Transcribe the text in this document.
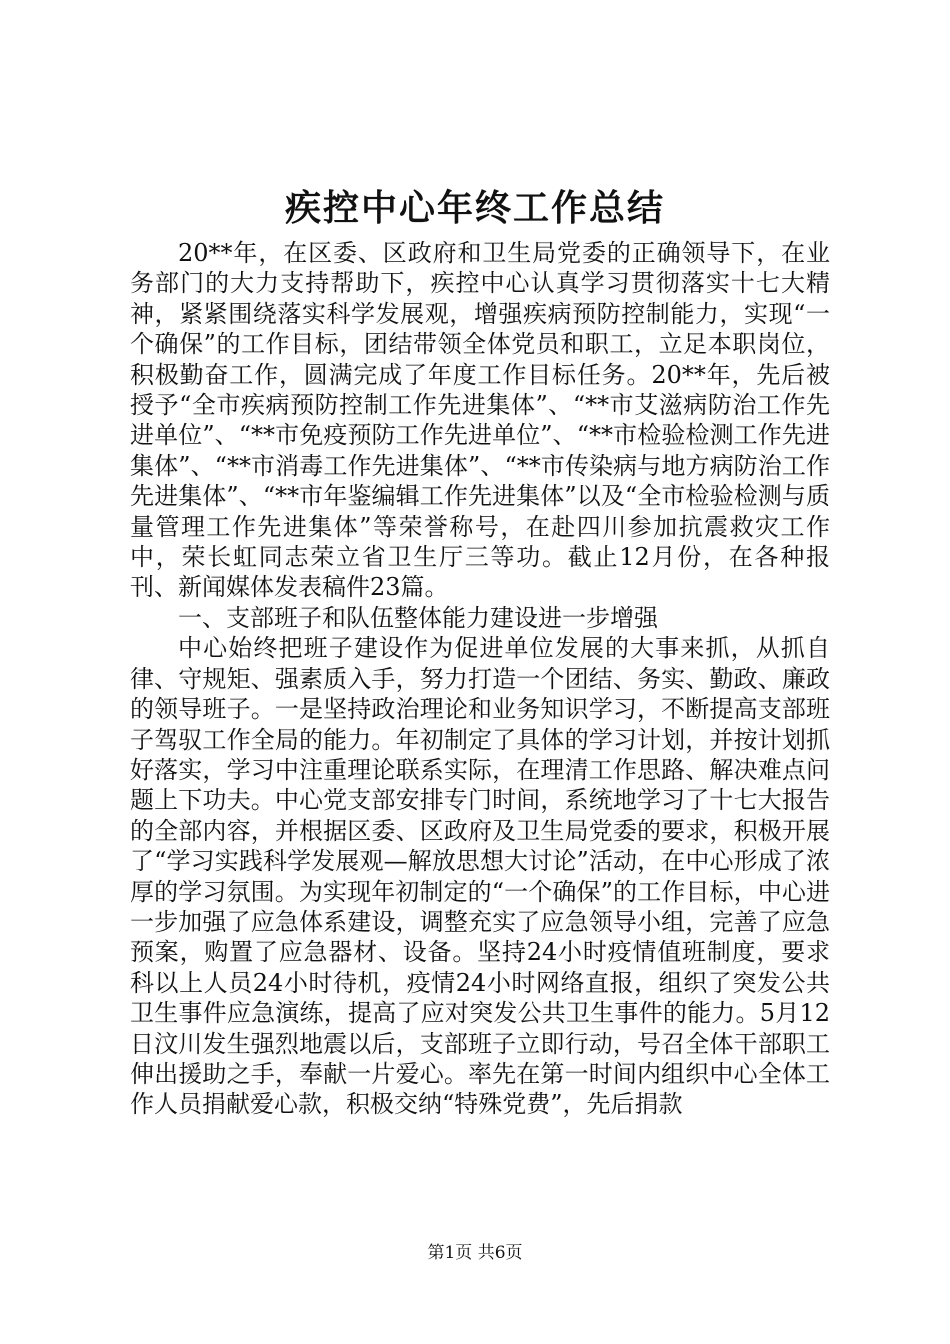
疾控中心年终工作总结

20**年，在区委、区政府和卫生局党委的正确领导下，在业务部门的大力支持帮助下，疾控中心认真学习贯彻落实十七大精神，紧紧围绕落实科学发展观，增强疾病预防控制能力，实现“一个确保”的工作目标，团结带领全体党员和职工，立足本职岗位，积极勤奋工作，圆满完成了年度工作目标任务。20**年，先后被授予“全市疾病预防控制工作先进集体”、“**市艾滋病防治工作先进单位”、“**市免疫预防工作先进单位”、“**市检验检测工作先进集体”、“**市消毒工作先进集体”、“**市传染病与地方病防治工作先进集体”、“**市年鉴编辑工作先进集体”以及“全市检验检测与质量管理工作先进集体”等荣誉称号，在赴四川参加抗震救灾工作中，荣长虹同志荣立省卫生厅三等功。截止12月份，在各种报刊、新闻媒体发表稿件23篇。

一、支部班子和队伍整体能力建设进一步增强

中心始终把班子建设作为促进单位发展的大事来抓，从抓自律、守规矩、强素质入手，努力打造一个团结、务实、勤政、廉政的领导班子。一是坚持政治理论和业务知识学习，不断提高支部班子驾驭工作全局的能力。年初制定了具体的学习计划，并按计划抓好落实，学习中注重理论联系实际，在理清工作思路、解决难点问题上下功夫。中心党支部安排专门时间，系统地学习了十七大报告的全部内容，并根据区委、区政府及卫生局党委的要求，积极开展了“学习实践科学发展观—解放思想大讨论”活动，在中心形成了浓厚的学习氛围。为实现年初制定的“一个确保”的工作目标，中心进一步加强了应急体系建设，调整充实了应急领导小组，完善了应急预案，购置了应急器材、设备。坚持24小时疫情值班制度，要求科以上人员24小时待机，疫情24小时网络直报，组织了突发公共卫生事件应急演练，提高了应对突发公共卫生事件的能力。5月12日汶川发生强烈地震以后，支部班子立即行动，号召全体干部职工伸出援助之手，奉献一片爱心。率先在第一时间内组织中心全体工作人员捐献爱心款，积极交纳“特殊党费”，先后捐款

第1页 共6页
